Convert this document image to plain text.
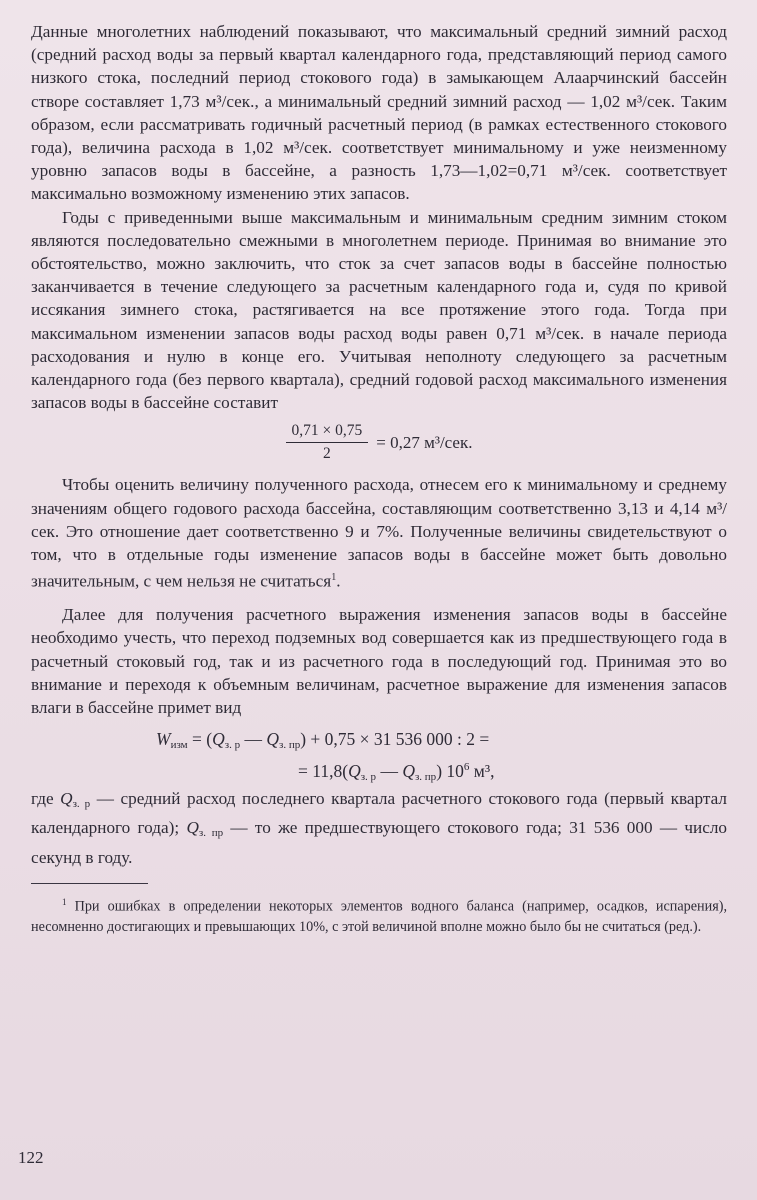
Данные многолетних наблюдений показывают, что максимальный средний зимний расход (средний расход воды за первый квартал календарного года, представляющий период самого низкого стока, последний период стокового года) в замыкающем Алаарчинский бассейн створе составляет 1,73 м³/сек., а минимальный средний зимний расход — 1,02 м³/сек. Таким образом, если рассматривать годичный расчетный период (в рамках естественного стокового года), величина расхода в 1,02 м³/сек. соответствует минимальному и уже неизменному уровню запасов воды в бассейне, а разность 1,73—1,02=0,71 м³/сек. соответствует максимально возможному изменению этих запасов.

Годы с приведенными выше максимальным и минимальным средним зимним стоком являются последовательно смежными в многолетнем периоде. Принимая во внимание это обстоятельство, можно заключить, что сток за счет запасов воды в бассейне полностью заканчивается в течение следующего за расчетным календарного года и, судя по кривой иссякания зимнего стока, растягивается на все протяжение этого года. Тогда при максимальном изменении запасов воды расход воды равен 0,71 м³/сек. в начале периода расходования и нулю в конце его. Учитывая неполноту следующего за расчетным календарного года (без первого квартала), средний годовой расход максимального изменения запасов воды в бассейне составит

$\frac{0,71 \times 0,75}{2} = 0,27$ м³/сек.

Чтобы оценить величину полученного расхода, отнесем его к минимальному и среднему значениям общего годового расхода бассейна, составляющим соответственно 3,13 и 4,14 м³/сек. Это отношение дает соответственно 9 и 7%. Полученные величины свидетельствуют о том, что в отдельные годы изменение запасов воды в бассейне может быть довольно значительным, с чем нельзя не считаться$^1$.

Далее для получения расчетного выражения изменения запасов воды в бассейне необходимо учесть, что переход подземных вод совершается как из предшествующего года в расчетный стоковый год, так и из расчетного года в последующий год. Принимая это во внимание и переходя к объемным величинам, расчетное выражение для изменения запасов влаги в бассейне примет вид

$W_{изм} = (Q_{з. р}$ — $Q_{з. пр}) + 0,75 \times 31$ 536 000 : 2 =
= $11,8(Q_{з. р}$ — $Q_{з. пр}$) $10^6$ м³,

где $Q_{з. р}$ — средний расход последнего квартала расчетного стокового года (первый квартал календарного года); $Q_{з. пр}$ — то же предшествующего стокового года; 31 536 000 — число секунд в году.

$^1$ При ошибках в определении некоторых элементов водного баланса (например, осадков, испарения), несомненно достигающих и превышающих 10%, с этой величиной вполне можно было бы не считаться (ред.).

122
